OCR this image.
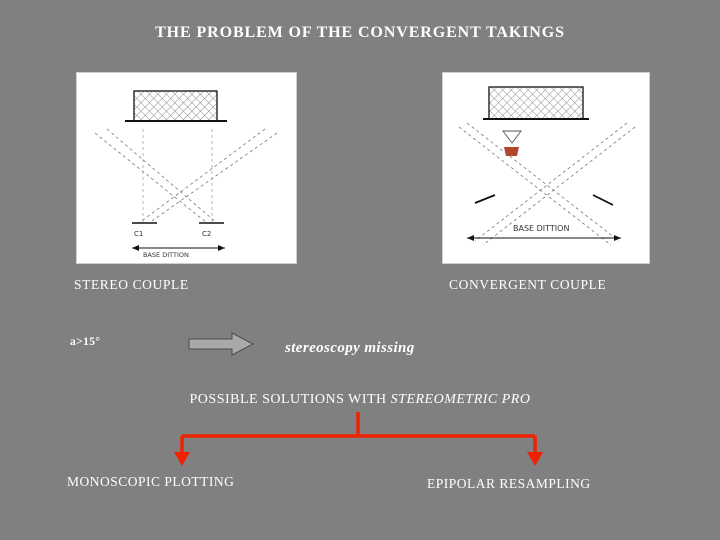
THE PROBLEM OF THE CONVERGENT TAKINGS
C1	C2
BASE DITTION
BASE DITTION
STEREO COUPLE	CONVERGENT COUPLE
a>15°	stereoscopy missing
POSSIBLE SOLUTIONS WITH STEREOMETRIC PRO
MONOSCOPIC PLOTTING	EPIPOLAR RESAMPLING
